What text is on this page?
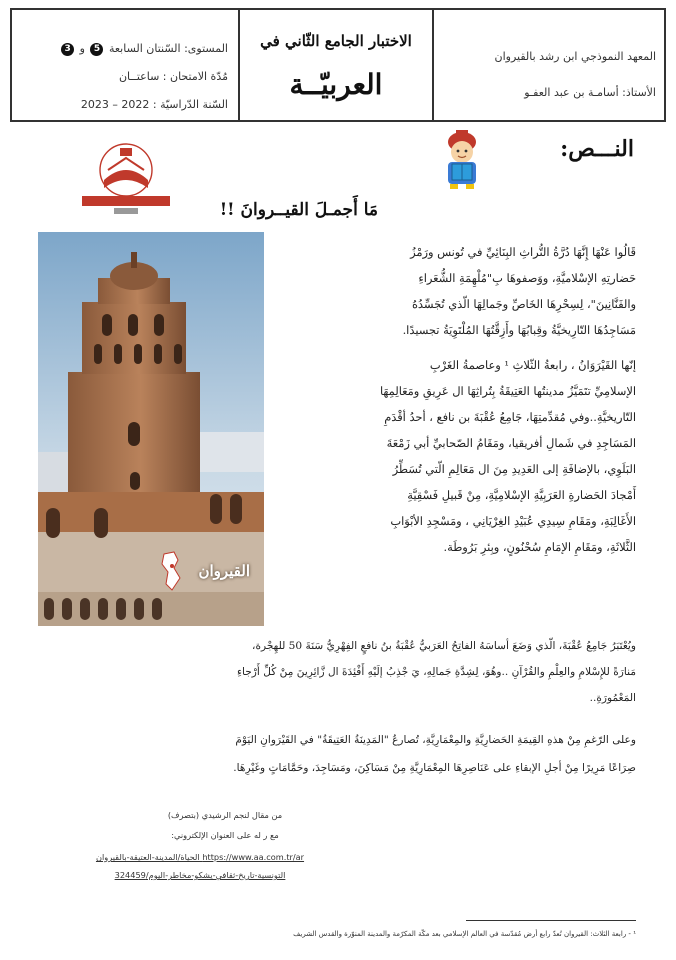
المعهد النموذجي ابن رشد بالقيروان
الأستاذ: أسامـة بن عبد العفـو
الاختبار الجامع الثّاني في
العربيّــة
المستوى: السّنتان السابعة 5 و 3
مُدّة الامتحان : ساعتــان
السّنة الدّراسيّة : 2022 – 2023
النـــص:
مَا أَجمـلَ القيــروانَ !!
القيروان
قَالُوا عَنْهَا إِنَّهَا دُرَّةُ التُّراثِ البِنَائِيِّ في تُونس ورَمْزُ
حَضارتِهِ الإسْلاميَّةِ، ووَصفوهَا بِ"مُلْهِمَةِ الشُّعَراءِ
والفَنَّانِينَ"، لِسِحْرِهَا الخَاصِّ وجَمالِهَا الّذي تُجَسِّدُهُ
مَسَاجِدُهَا التّارِيخيَّةُ وقِبابُهَا وأَزِقَّتُهَا المُلْتَوِيَةُ تجسيدًا.
إنّها القَيْرَوَانُ ، رابعةُ الثّلاثِ ¹ وعاصمةُ الغَرْبِ
الإسلامِيِّ تتَمَيَّزُ مدينتُها العَتِيقَةُ بِتُراثِهَا ال عَرِيقِ ومَعَالِمِهَا
التّاريخيَّةِ..وفي مُقدِّمتِهَا، جَامِعُ عُقْبَةَ بن نافع ، أحدُ أقْدَمِ
المَسَاجِدِ في شَمالِ أفريقيا، ومَقَامُ الصّحابيِّ أبي زَمْعَةَ
البَلَوِي، بالإضافَةِ إلى العَدِيدِ مِنَ ال مَعَالِمِ الّتي تُسَطِّرُ
أَمْجادَ الحَضارةِ العَرَبِيَّةِ الإسْلامِيَّةِ، مِنْ قَبيلِ فَسْقِيَّةِ
الأَغَالِبَةِ، ومَقَامِ سِيدِي عُبَيْدِ الغِرْيَانِي ، ومَسْجِدِ الأبْوَابِ
الثَّلاثَةِ، ومَقَامِ الإمَامِ سُحْنُونٍ، وبِئرِ بَرُوطَة.
ويُعْتَبَرُ جَامِعُ عُقْبَةَ، الّذي وَضَعَ أساسَهُ الفاتِحُ العَرَبيُّ عُقْبَةُ بنُ نافعٍ الفِهْرِيُّ سَنَةَ 50 للهِجْرة،
مَنارَةً للإِسْلامِ والعِلْمِ والقُرْآنِ ..وهُوَ، لِشِدَّةِ جَمالِهِ، يَ جْذِبُ إلَيْهِ أَفْئِدَةَ ال زَّائِرِينَ مِنْ كُلِّ أَرْجاءِ
المَعْمُورَةِ..
وعلى الرّغمِ مِنْ هذهِ القِيمَةِ الحَضارِيَّةِ والمِعْمَارِيَّةِ، تُصارعُ "المَدِينَةُ العَتِيقَةُ" في القَيْرَوانِ اليَوْمَ
صِرَاعًا مَرِيرًا مِنْ أجلِ الإبقاءِ على عَنَاصِرِهَا المِعْمَارِيَّةِ مِنْ مَسَاكِنَ، ومَسَاجِدَ، وحَمَّامَاتٍ وغَيْرِهَا.
من مقال لنجم الرشيدي (بتصرف)
مع ر له على العنوان الإلكتروني:
https://www.aa.com.tr/ar الحياة/المدينة-العتيقة-بالقيروان
التونسية-تاريخ-ثقافي-يشكو-مخاطر-اليوم/324459
¹ - رابعة الثلاث: القيروان تُعدّ رابع أرض مُقدّسة في العالم الإسلامي بعد مكّة المكرّمة والمدينة المنوّرة والقدس الشريف
